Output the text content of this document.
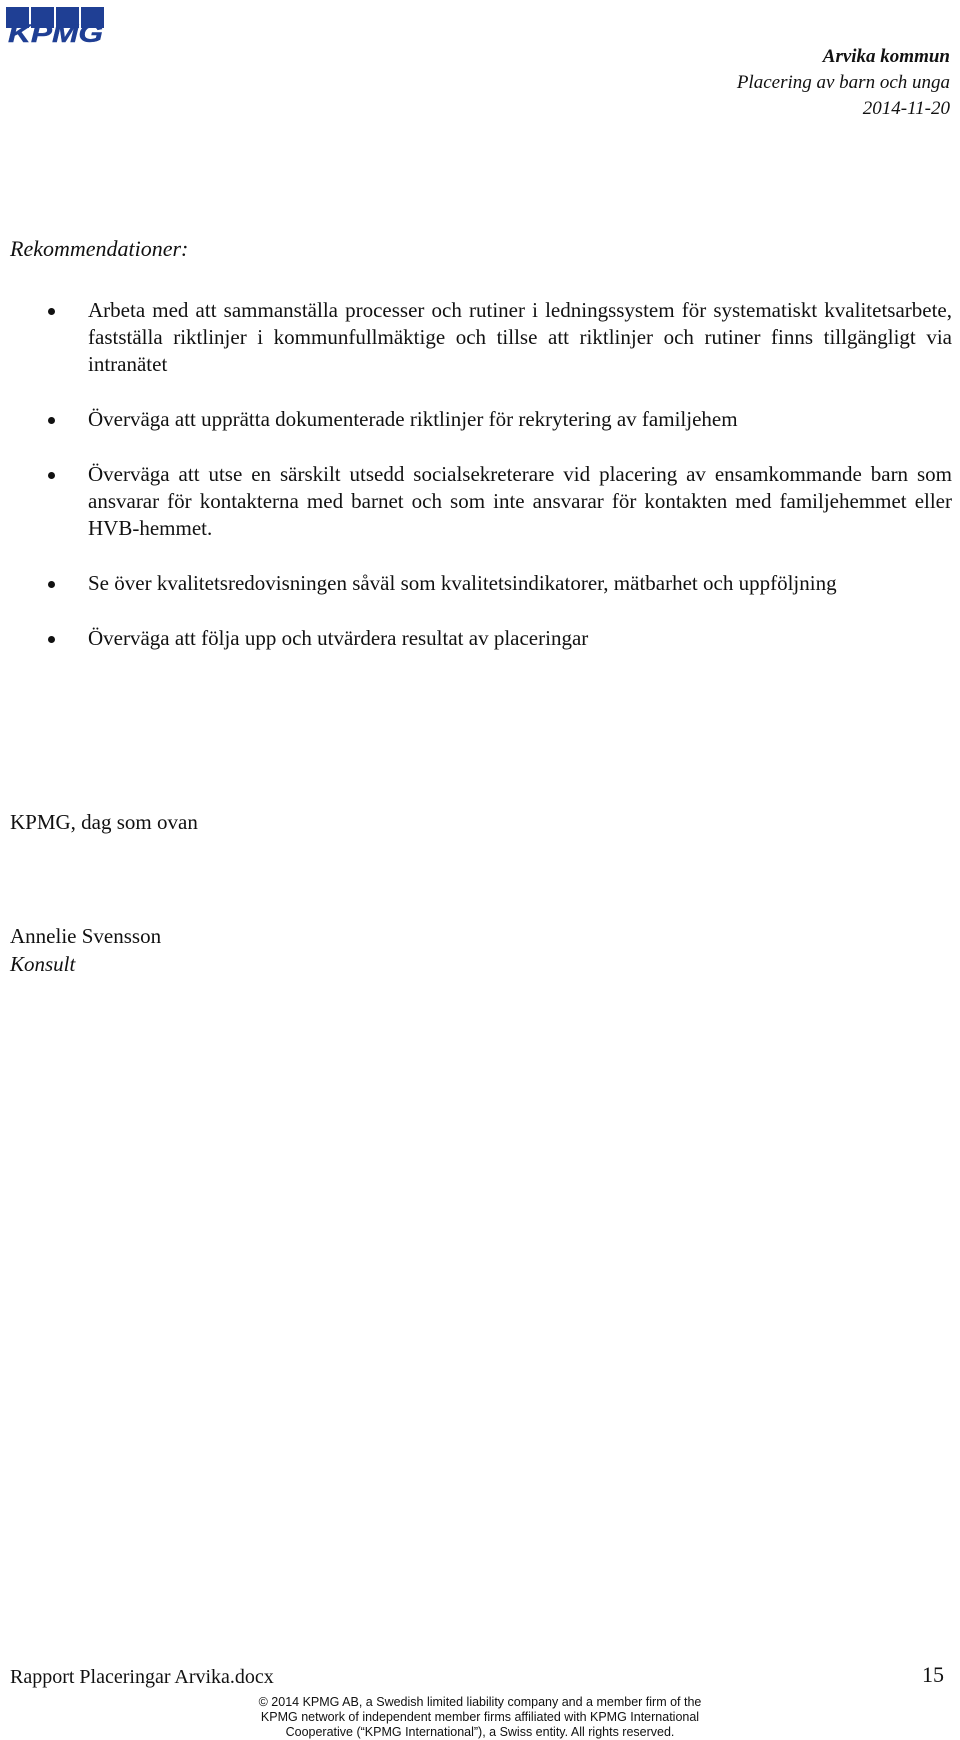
KPMG
Arvika kommun
Placering av barn och unga
2014-11-20
Rekommendationer:
Arbeta med att sammanställa processer och rutiner i ledningssystem för systematiskt kvalitetsarbete, fastställa riktlinjer i kommunfullmäktige och tillse att riktlinjer och rutiner finns tillgängligt via intranätet
Överväga att upprätta dokumenterade riktlinjer för rekrytering av familjehem
Överväga att utse en särskilt utsedd socialsekreterare vid placering av ensamkommande barn som ansvarar för kontakterna med barnet och som inte ansvarar för kontakten med familjehemmet eller HVB-hemmet.
Se över kvalitetsredovisningen såväl som kvalitetsindikatorer, mätbarhet och uppföljning
Överväga att följa upp och utvärdera resultat av placeringar

KPMG, dag som ovan

Annelie Svensson
Konsult
Rapport Placeringar Arvika.docx	15
© 2014 KPMG AB, a Swedish limited liability company and a member firm of the
KPMG network of independent member firms affiliated with KPMG International
Cooperative (“KPMG International”), a Swiss entity. All rights reserved.
